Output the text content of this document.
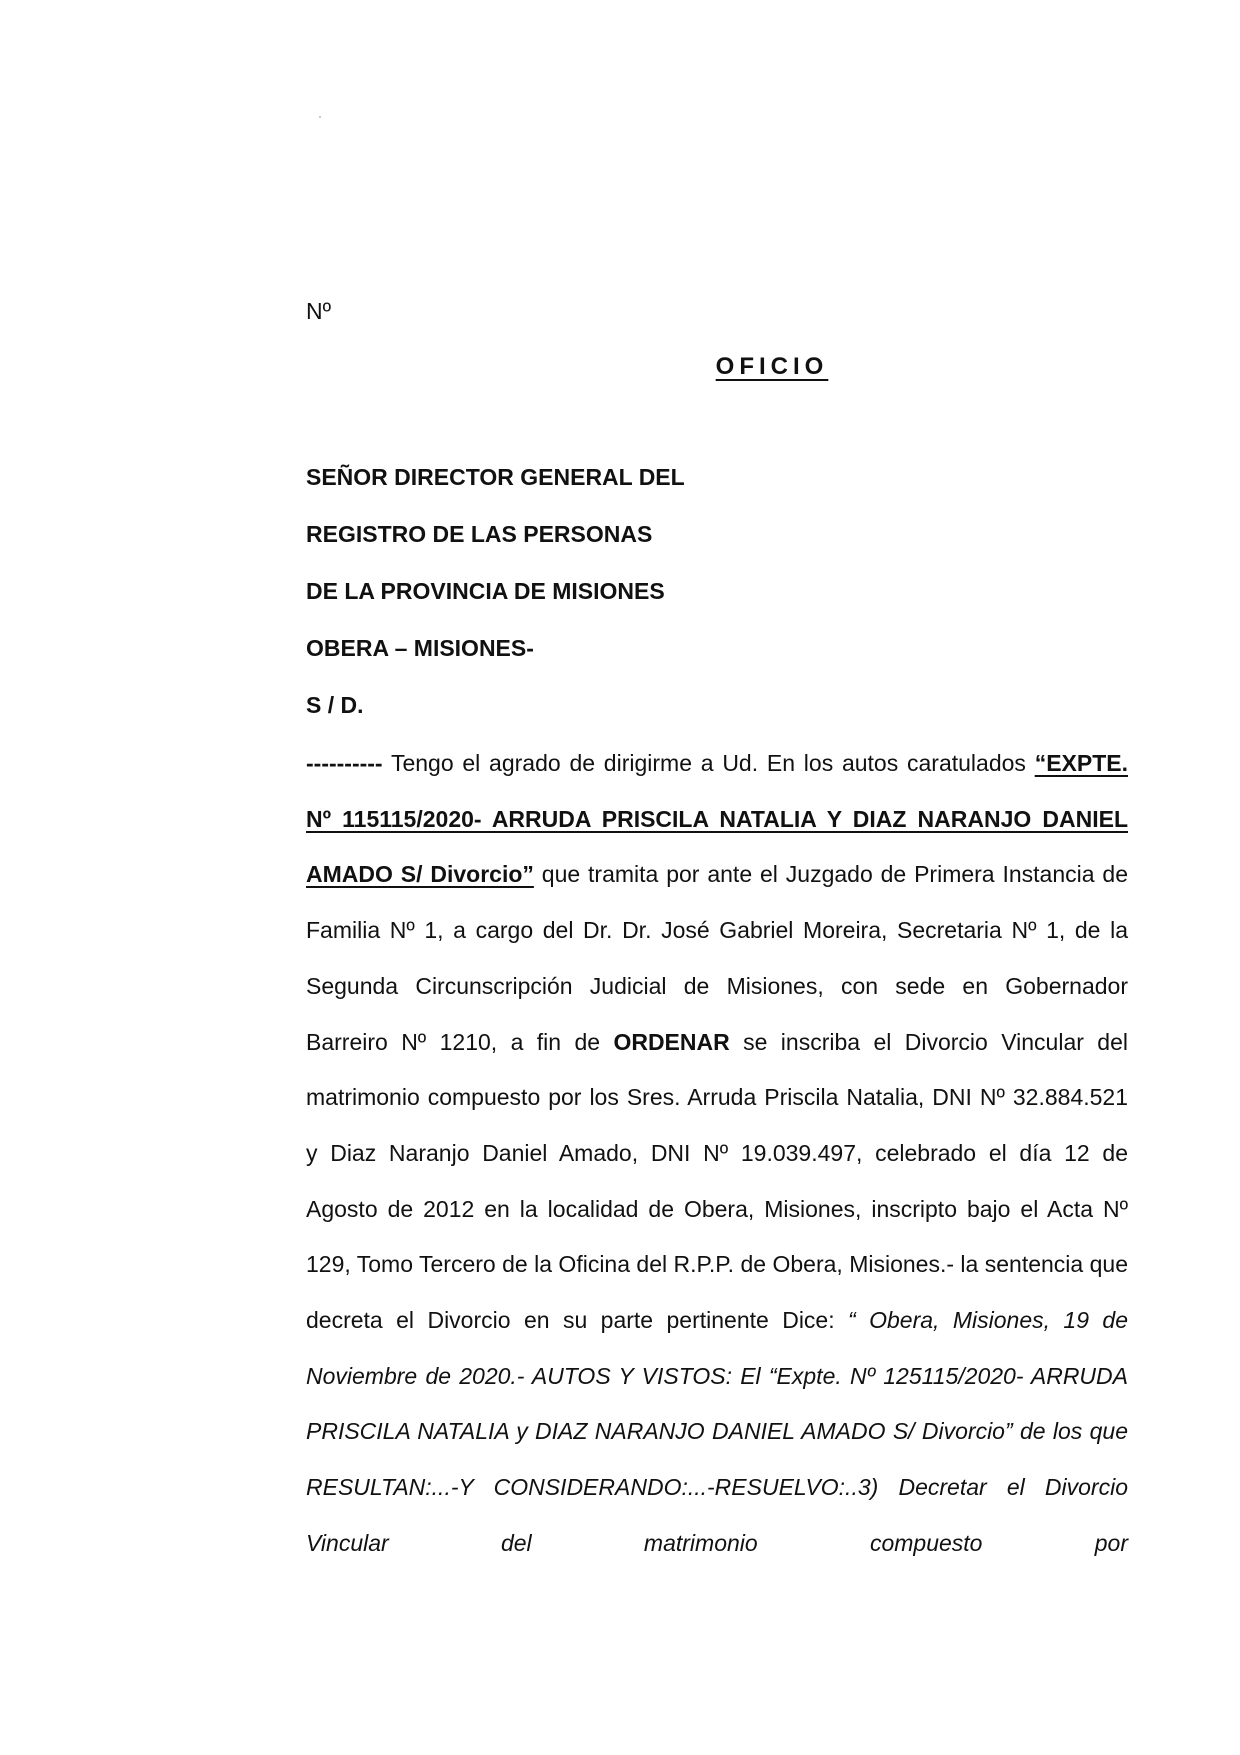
Nº
OFICIO
SEÑOR DIRECTOR GENERAL DEL
REGISTRO DE LAS PERSONAS
DE LA PROVINCIA DE MISIONES
OBERA – MISIONES-
S / D.
---------- Tengo el agrado de dirigirme a Ud. En los autos caratulados “EXPTE. Nº 115115/2020- ARRUDA PRISCILA NATALIA Y DIAZ NARANJO DANIEL AMADO S/ Divorcio” que tramita por ante el Juzgado de Primera Instancia de Familia Nº 1, a cargo del Dr. Dr. José Gabriel Moreira, Secretaria Nº 1, de la Segunda Circunscripción Judicial de Misiones, con sede en Gobernador Barreiro Nº 1210, a fin de ORDENAR se inscriba el Divorcio Vincular del matrimonio compuesto por los Sres. Arruda Priscila Natalia, DNI Nº 32.884.521 y Diaz Naranjo Daniel Amado, DNI Nº 19.039.497, celebrado el día 12 de Agosto de 2012 en la localidad de Obera, Misiones, inscripto bajo el Acta Nº 129, Tomo Tercero de la Oficina del R.P.P. de Obera, Misiones.- la sentencia que decreta el Divorcio en su parte pertinente Dice: “ Obera, Misiones, 19 de Noviembre de 2020.- AUTOS Y VISTOS: El “Expte. Nº 125115/2020- ARRUDA PRISCILA NATALIA y DIAZ NARANJO DANIEL AMADO S/ Divorcio” de los que RESULTAN:...-Y CONSIDERANDO:...-RESUELVO:..3) Decretar el Divorcio Vincular del matrimonio compuesto por
